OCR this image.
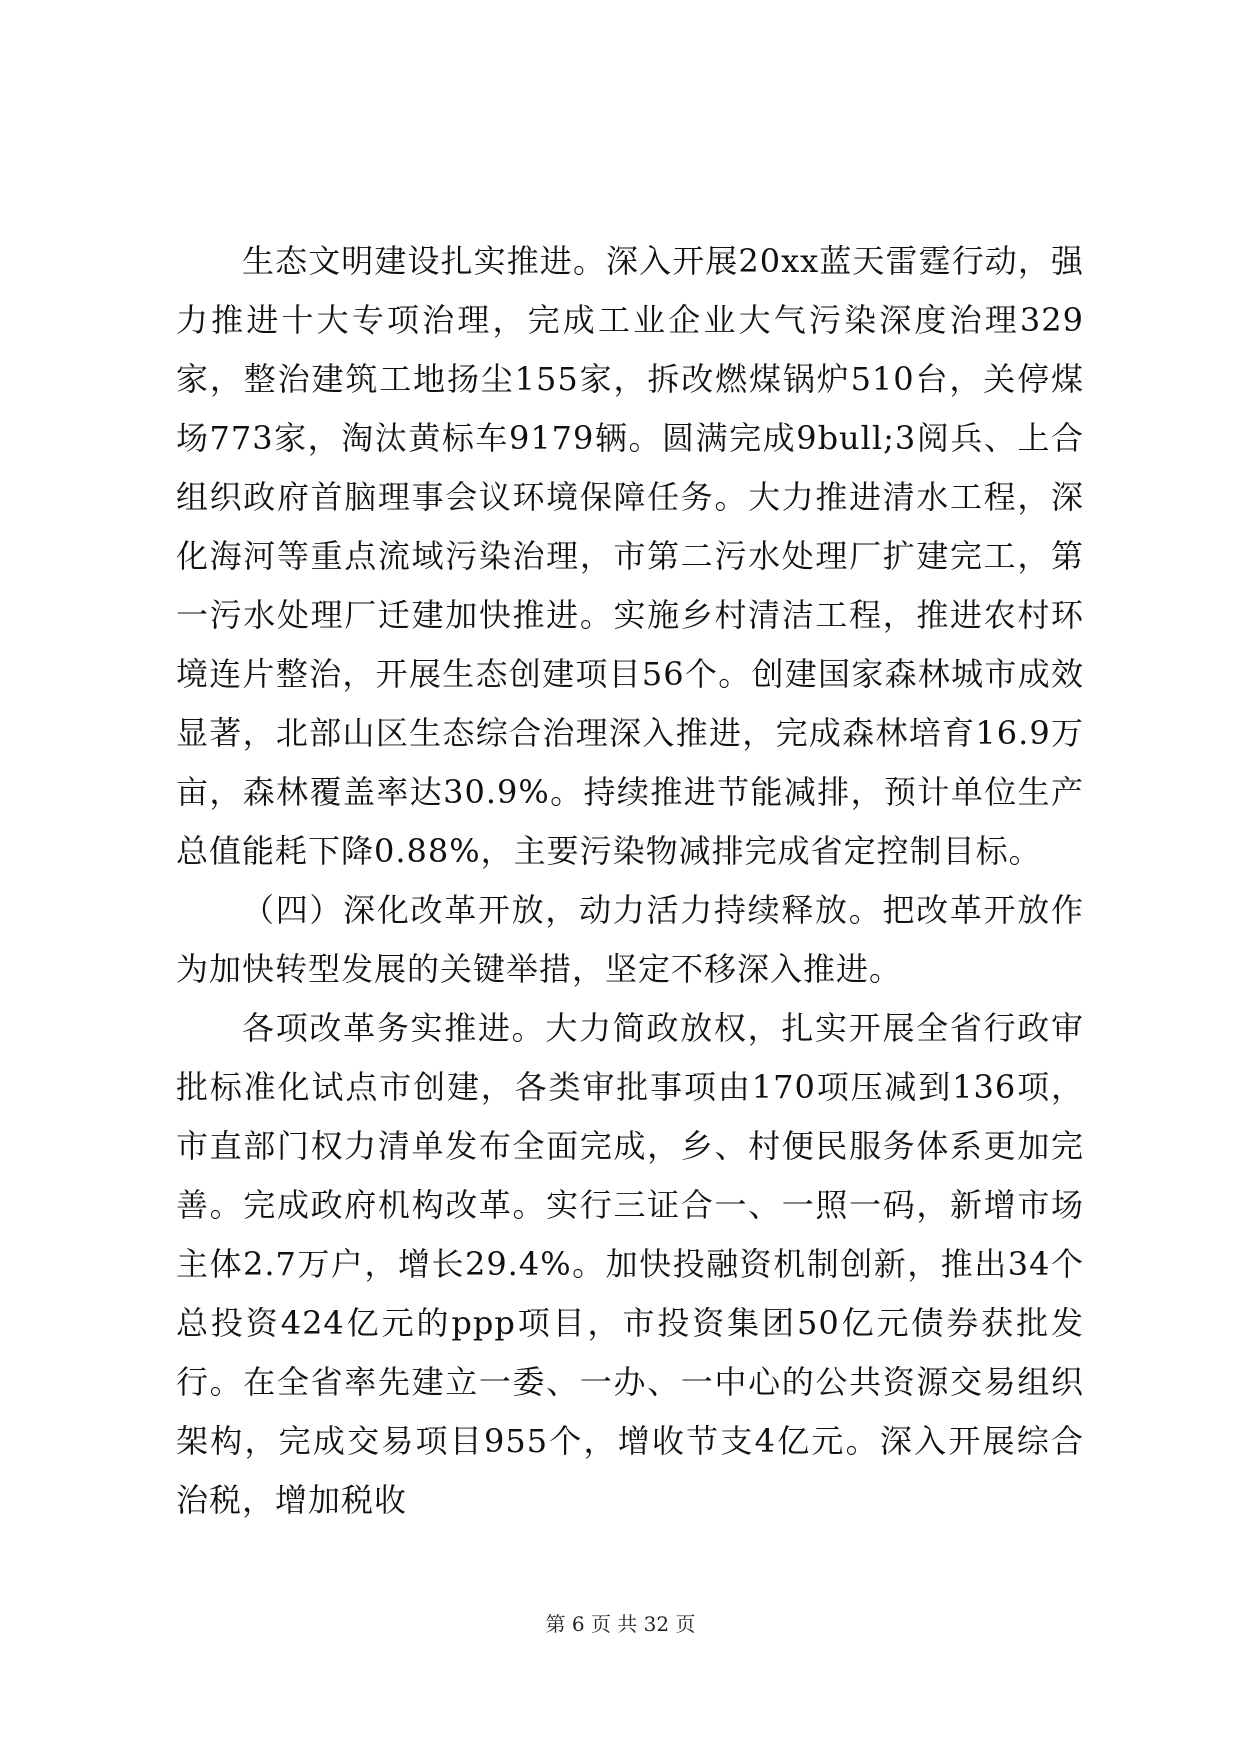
生态文明建设扎实推进。深入开展20xx蓝天雷霆行动，强力推进十大专项治理，完成工业企业大气污染深度治理329家，整治建筑工地扬尘155家，拆改燃煤锅炉510台，关停煤场773家，淘汰黄标车9179辆。圆满完成9bull;3阅兵、上合组织政府首脑理事会议环境保障任务。大力推进清水工程，深化海河等重点流域污染治理，市第二污水处理厂扩建完工，第一污水处理厂迁建加快推进。实施乡村清洁工程，推进农村环境连片整治，开展生态创建项目56个。创建国家森林城市成效显著，北部山区生态综合治理深入推进，完成森林培育16.9万亩，森林覆盖率达30.9%。持续推进节能减排，预计单位生产总值能耗下降0.88%，主要污染物减排完成省定控制目标。

（四）深化改革开放，动力活力持续释放。把改革开放作为加快转型发展的关键举措，坚定不移深入推进。

各项改革务实推进。大力简政放权，扎实开展全省行政审批标准化试点市创建，各类审批事项由170项压减到136项，市直部门权力清单发布全面完成，乡、村便民服务体系更加完善。完成政府机构改革。实行三证合一、一照一码，新增市场主体2.7万户，增长29.4%。加快投融资机制创新，推出34个总投资424亿元的ppp项目，市投资集团50亿元债券获批发行。在全省率先建立一委、一办、一中心的公共资源交易组织架构，完成交易项目955个，增收节支4亿元。深入开展综合治税，增加税收

第 6 页 共 32 页
